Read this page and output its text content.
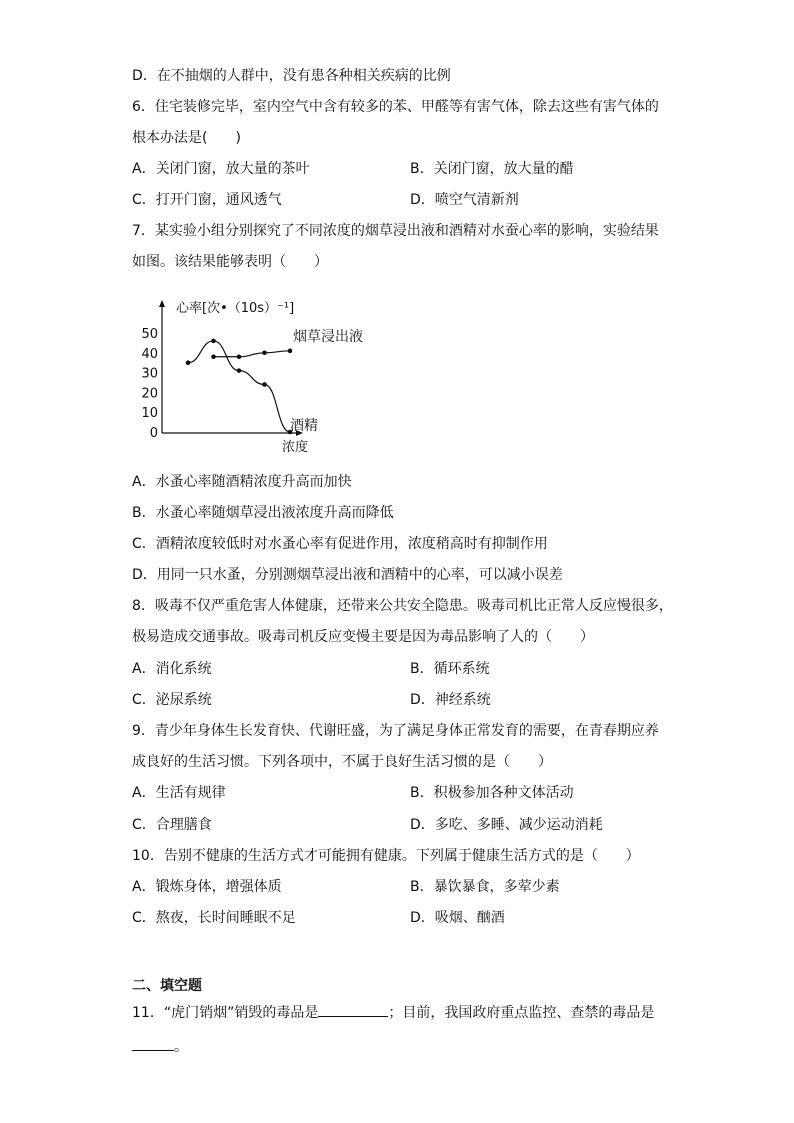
D．在不抽烟的人群中，没有患各种相关疾病的比例
6．住宅装修完毕，室内空气中含有较多的苯、甲醛等有害气体，除去这些有害气体的
根本办法是(　　)
A．关闭门窗，放大量的茶叶	B．关闭门窗，放大量的醋
C．打开门窗，通风透气	D．喷空气清新剂
7．某实验小组分别探究了不同浓度的烟草浸出液和酒精对水蚕心率的影响，实验结果
如图。该结果能够表明（　　）
心率[次•（10s）⁻¹]
浓度
50
40
30
20
10
0
烟草浸出液
酒精
A．水蚤心率随酒精浓度升高而加快
B．水蚤心率随烟草浸出液浓度升高而降低
C．酒精浓度较低时对水蚤心率有促进作用，浓度稍高时有抑制作用
D．用同一只水蚤，分别测烟草浸出液和酒精中的心率，可以减小误差
8．吸毒不仅严重危害人体健康，还带来公共安全隐患。吸毒司机比正常人反应慢很多，
极易造成交通事故。吸毒司机反应变慢主要是因为毒品影响了人的（　　）
A．消化系统	B．循环系统
C．泌尿系统	D．神经系统
9．青少年身体生长发育快、代谢旺盛，为了满足身体正常发育的需要，在青春期应养
成良好的生活习惯。下列各项中，不属于良好生活习惯的是（　　）
A．生活有规律	B．积极参加各种文体活动
C．合理膳食	D．多吃、多睡、减少运动消耗
10．告别不健康的生活方式才可能拥有健康。下列属于健康生活方式的是（　　）
A．锻炼身体，增强体质	B．暴饮暴食，多荤少素
C．熬夜，长时间睡眠不足	D．吸烟、酗酒
二、填空题
11．“虎门销烟”销毁的毒品是	；目前，我国政府重点监控、查禁的毒品是
。
